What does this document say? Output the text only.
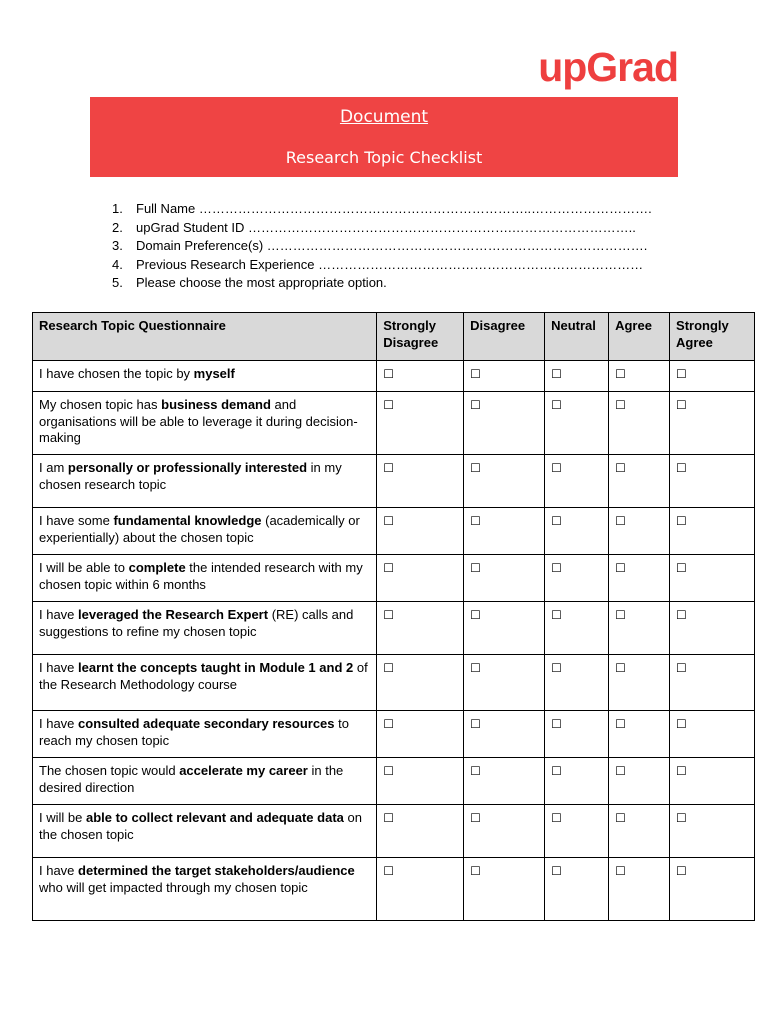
upGrad
Document
Research Topic Checklist
1. Full Name …………………………………………………………………..……………………….
2. upGrad Student ID …………………………………………………….………………………..
3. Domain Preference(s) …………………………………………………………………………….
4. Previous Research Experience …………………………………………………………………
5. Please choose the most appropriate option.
Research Topic Questionnaire	Strongly Disagree	Disagree	Neutral	Agree	Strongly Agree
I have chosen the topic by myself	☐	☐	☐	☐	☐
My chosen topic has business demand and organisations will be able to leverage it during decision-making	☐	☐	☐	☐	☐
I am personally or professionally interested in my chosen research topic	☐	☐	☐	☐	☐
I have some fundamental knowledge (academically or experientially) about the chosen topic	☐	☐	☐	☐	☐
I will be able to complete the intended research with my chosen topic within 6 months	☐	☐	☐	☐	☐
I have leveraged the Research Expert (RE) calls and suggestions to refine my chosen topic	☐	☐	☐	☐	☐
I have learnt the concepts taught in Module 1 and 2 of the Research Methodology course	☐	☐	☐	☐	☐
I have consulted adequate secondary resources to reach my chosen topic	☐	☐	☐	☐	☐
The chosen topic would accelerate my career in the desired direction	☐	☐	☐	☐	☐
I will be able to collect relevant and adequate data on the chosen topic	☐	☐	☐	☐	☐
I have determined the target stakeholders/audience who will get impacted through my chosen topic	☐	☐	☐	☐	☐
